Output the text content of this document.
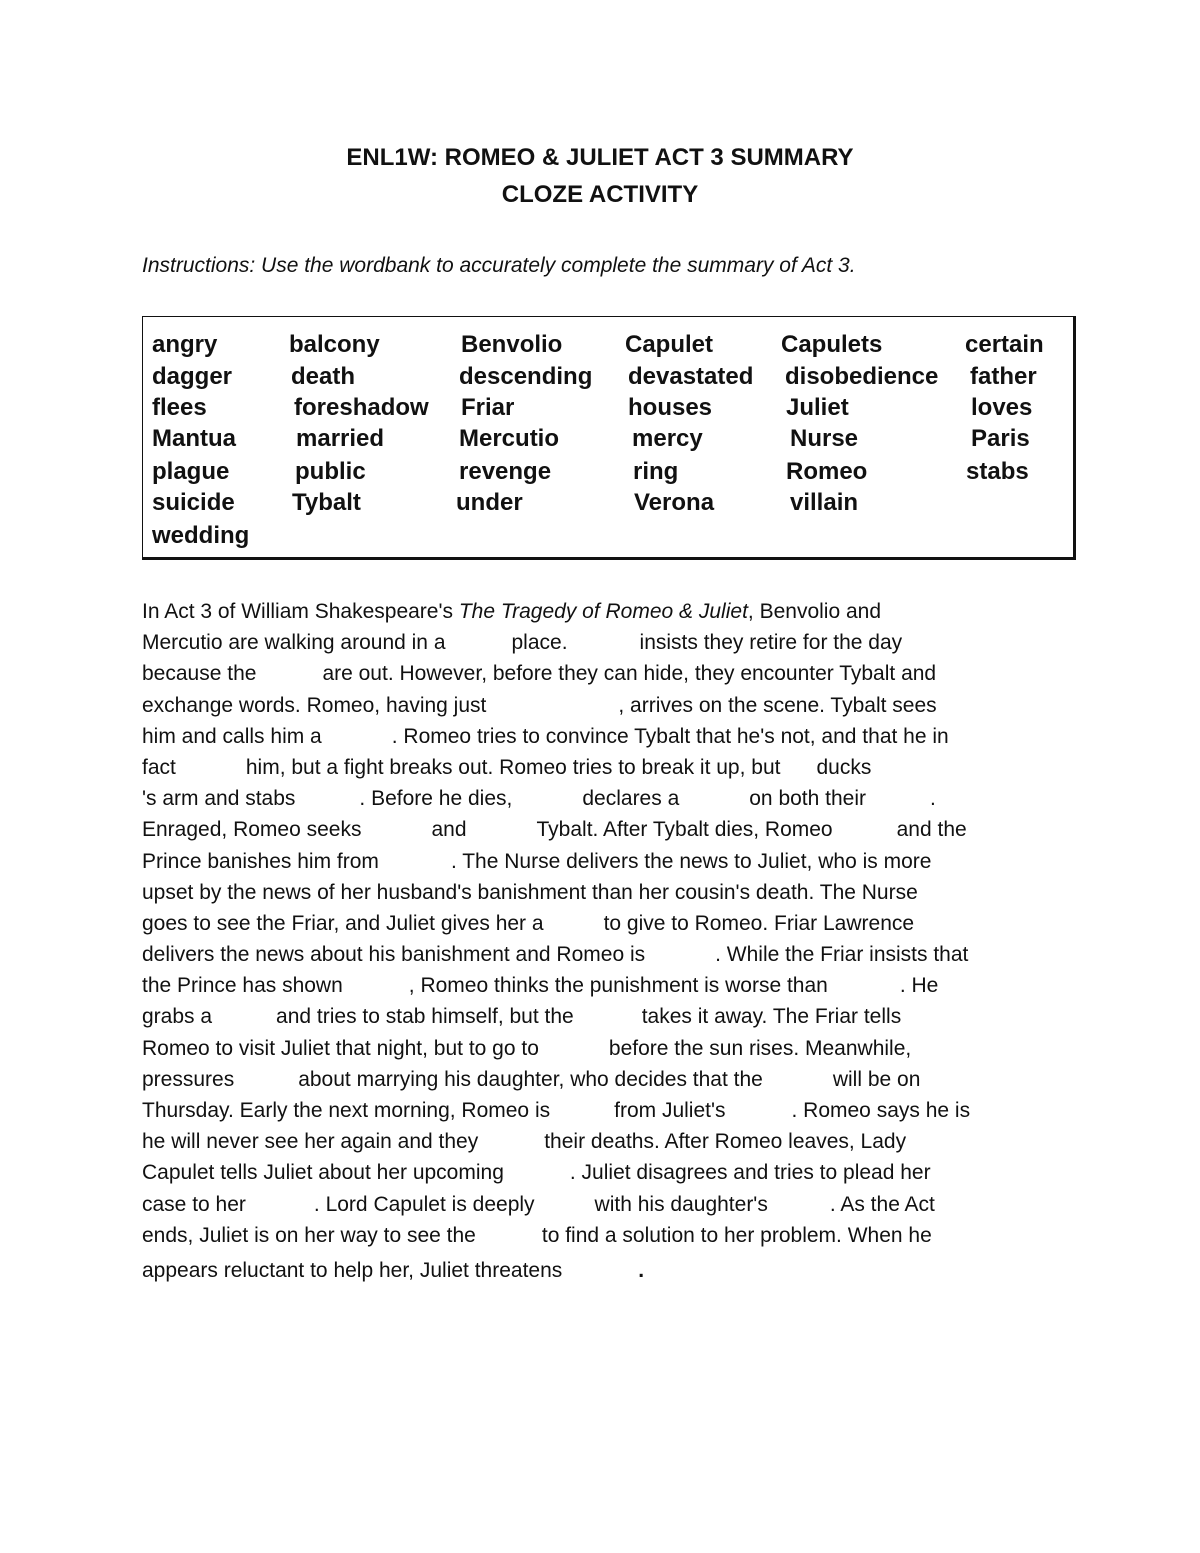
ENL1W: ROMEO & JULIET ACT 3 SUMMARY
CLOZE ACTIVITY

Instructions: Use the wordbank to accurately complete the summary of Act 3.

angry	balcony	Benvolio	Capulet	Capulets	certain
dagger death	descending devastated disobedience father
flees	foreshadow Friar	houses	Juliet	loves
Mantua	married	Mercutio	mercy	Nurse	Paris
plague	public	revenge	ring	Romeo	stabs
suicide Tybalt	under	Verona	villain
wedding
In Act 3 of William Shakespeare's The Tragedy of Romeo & Juliet, Benvolio and
Mercutio are walking around in a	place.	insists they retire for the day
because the	are out. However, before they can hide, they encounter Tybalt and
exchange words. Romeo, having just	, arrives on the scene. Tybalt sees
him and calls him a	. Romeo tries to convince Tybalt that he's not, and that he in
fact	him, but a fight breaks out. Romeo tries to break it up, but ducks
's arm and stabs	. Before he dies,	declares a	on both their	.
Enraged, Romeo seeks	and	Tybalt. After Tybalt dies, Romeo	and the
Prince banishes him from	. The Nurse delivers the news to Juliet, who is more
upset by the news of her husband's banishment than her cousin's death. The Nurse
goes to see the Friar, and Juliet gives her a	to give to Romeo. Friar Lawrence
delivers the news about his banishment and Romeo is	. While the Friar insists that
the Prince has shown	, Romeo thinks the punishment is worse than	. He
grabs a	and tries to stab himself, but the	takes it away. The Friar tells
Romeo to visit Juliet that night, but to go to	before the sun rises. Meanwhile,
pressures	about marrying his daughter, who decides that the	will be on
Thursday. Early the next morning, Romeo is	from Juliet's	. Romeo says he is
he will never see her again and they	their deaths. After Romeo leaves, Lady
Capulet tells Juliet about her upcoming	. Juliet disagrees and tries to plead her
case to her	. Lord Capulet is deeply	with his daughter's	. As the Act
ends, Juliet is on her way to see the	to find a solution to her problem. When he
appears reluctant to help her, Juliet threatens	.
